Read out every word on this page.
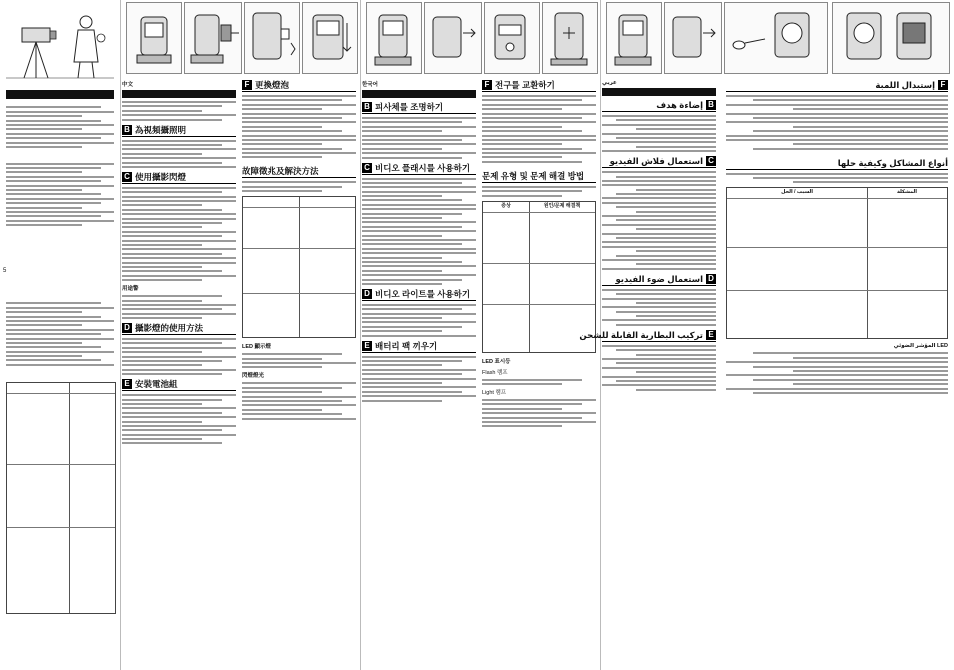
5
中文
B 為視頻攝照明
C 使用攝影閃燈
用途警
D 攝影燈的使用方法
E 安裝電池組
F 更換燈泡
故障徵兆及解決方法
LED 顯示燈
閃燈燈光
한국어
B 피사체를 조명하기
C 비디오 플래시를 사용하기
D 비디오 라이트를 사용하기
E 배터리 팩 끼우기
F 전구를 교환하기
문제 유형 및 문제 해결 방법
증상	원인/문제 해결책
LED 표시등
Flash 램프
Light 램프
عربي
B
إضاءة هدف
C
استعمال فلاش الفيديو
D
استعمال ضوء الفيديو
E
تركيب البطارية القابلة للشحن
F
إستبدال اللمبة
أنواع المشاكل وكيفية حلها
السبب / الحل	المشكلة
المؤشر الضوئي LED
